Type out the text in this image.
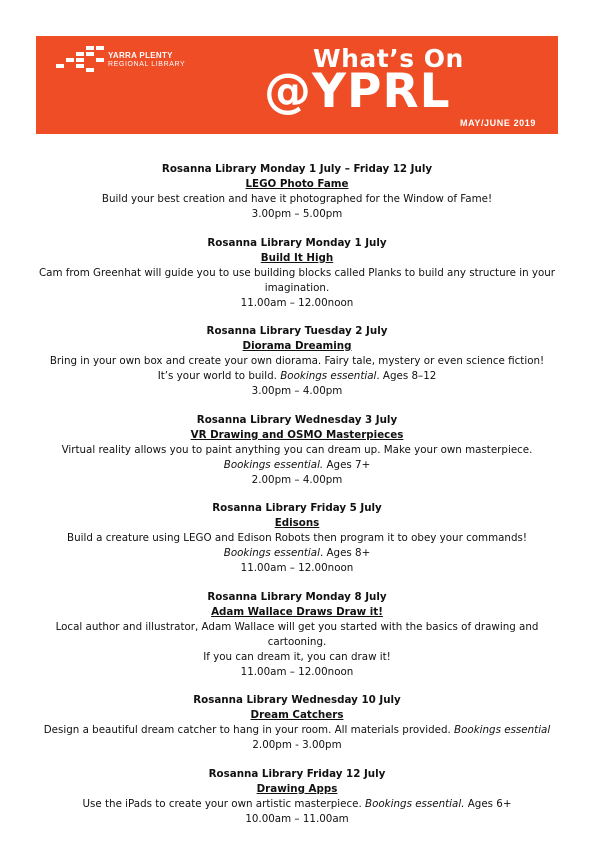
YARRA PLENTY
REGIONAL LIBRARY	What’s On
@YPRL
MAY/JUNE 2019
Rosanna Library Monday 1 July – Friday 12 July
LEGO Photo Fame
Build your best creation and have it photographed for the Window of Fame!
3.00pm – 5.00pm
Rosanna Library Monday 1 July
Build It High
Cam from Greenhat will guide you to use building blocks called Planks to build any structure in your
imagination.
11.00am – 12.00noon
Rosanna Library Tuesday 2 July
Diorama Dreaming
Bring in your own box and create your own diorama. Fairy tale, mystery or even science fiction!
It’s your world to build. Bookings essential. Ages 8–12
3.00pm – 4.00pm
Rosanna Library Wednesday 3 July
VR Drawing and OSMO Masterpieces
Virtual reality allows you to paint anything you can dream up. Make your own masterpiece.
Bookings essential. Ages 7+
2.00pm – 4.00pm
Rosanna Library Friday 5 July
Edisons
Build a creature using LEGO and Edison Robots then program it to obey your commands!
Bookings essential. Ages 8+
11.00am – 12.00noon
Rosanna Library Monday 8 July
Adam Wallace Draws Draw it!
Local author and illustrator, Adam Wallace will get you started with the basics of drawing and cartooning.
If you can dream it, you can draw it!
11.00am – 12.00noon
Rosanna Library Wednesday 10 July
Dream Catchers
Design a beautiful dream catcher to hang in your room. All materials provided. Bookings essential
2.00pm - 3.00pm
Rosanna Library Friday 12 July
Drawing Apps
Use the iPads to create your own artistic masterpiece. Bookings essential. Ages 6+
10.00am – 11.00am
